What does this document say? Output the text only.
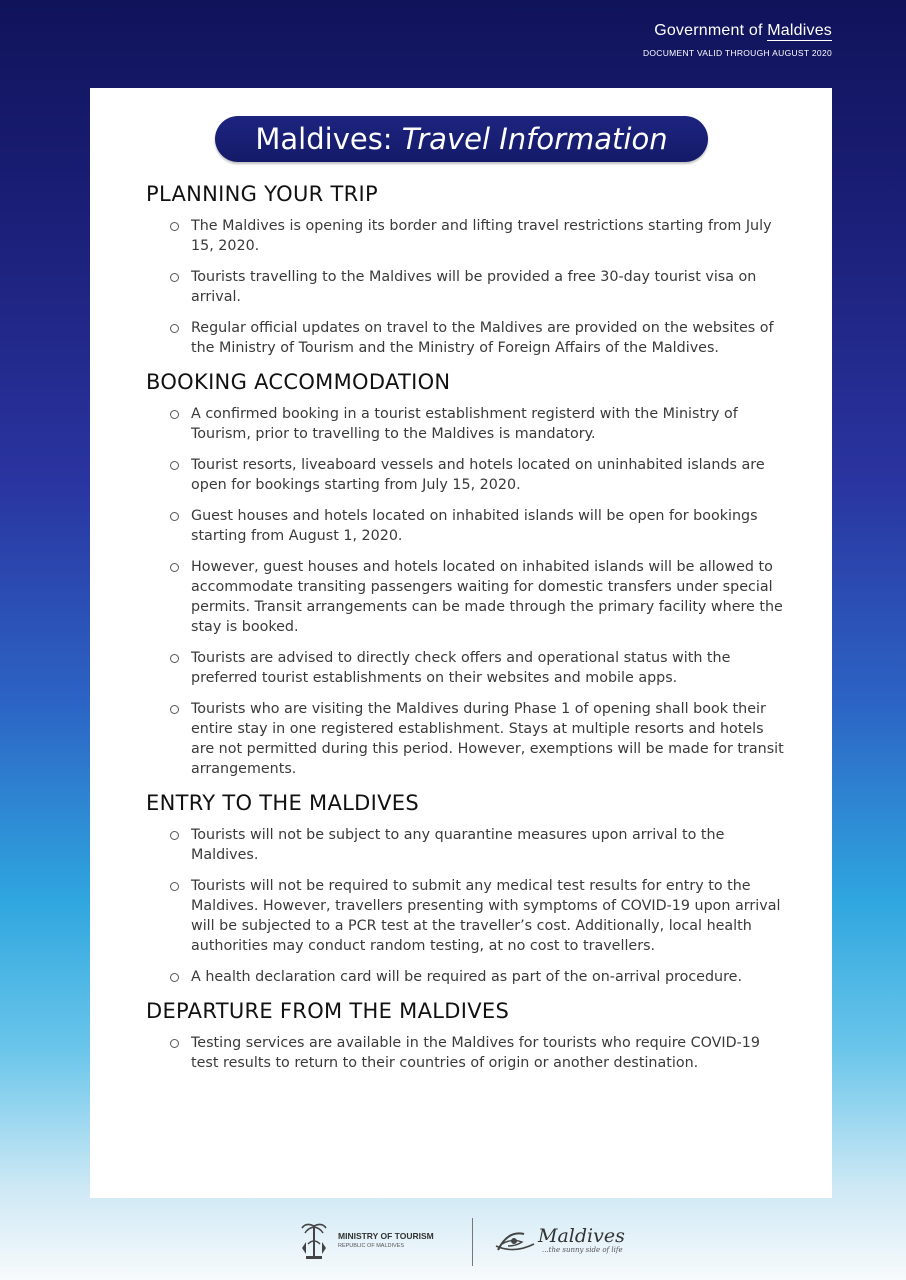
Government of Maldives
DOCUMENT VALID THROUGH AUGUST 2020
Maldives: Travel Information
PLANNING YOUR TRIP
The Maldives is opening its border and lifting travel restrictions starting from July 15, 2020.
Tourists travelling to the Maldives will be provided a free 30-day tourist visa on arrival.
Regular official updates on travel to the Maldives are provided on the websites of the Ministry of Tourism and the Ministry of Foreign Affairs of the Maldives.
BOOKING ACCOMMODATION
A confirmed booking in a tourist establishment registerd with the Ministry of Tourism, prior to travelling to the Maldives is mandatory.
Tourist resorts, liveaboard vessels and hotels located on uninhabited islands are open for bookings starting from July 15, 2020.
Guest houses and hotels located on inhabited islands will be open for bookings starting from August 1, 2020.
However, guest houses and hotels located on inhabited islands will be allowed to accommodate transiting passengers waiting for domestic transfers under special permits. Transit arrangements can be made through the primary facility where the stay is booked.
Tourists are advised to directly check offers and operational status with the preferred tourist establishments on their websites and mobile apps.
Tourists who are visiting the Maldives during Phase 1 of opening shall book their entire stay in one registered establishment. Stays at multiple resorts and hotels are not permitted during this period. However, exemptions will be made for transit arrangements.
ENTRY TO THE MALDIVES
Tourists will not be subject to any quarantine measures upon arrival to the Maldives.
Tourists will not be required to submit any medical test results for entry to the Maldives. However, travellers presenting with symptoms of COVID-19 upon arrival will be subjected to a PCR test at the traveller’s cost. Additionally, local health authorities may conduct random testing, at no cost to travellers.
A health declaration card will be required as part of the on-arrival procedure.
DEPARTURE FROM THE MALDIVES
Testing services are available in the Maldives for tourists who require COVID-19 test results to return to their countries of origin or another destination.
MINISTRY OF TOURISM
REPUBLIC OF MALDIVES	Maldives
...the sunny side of life
